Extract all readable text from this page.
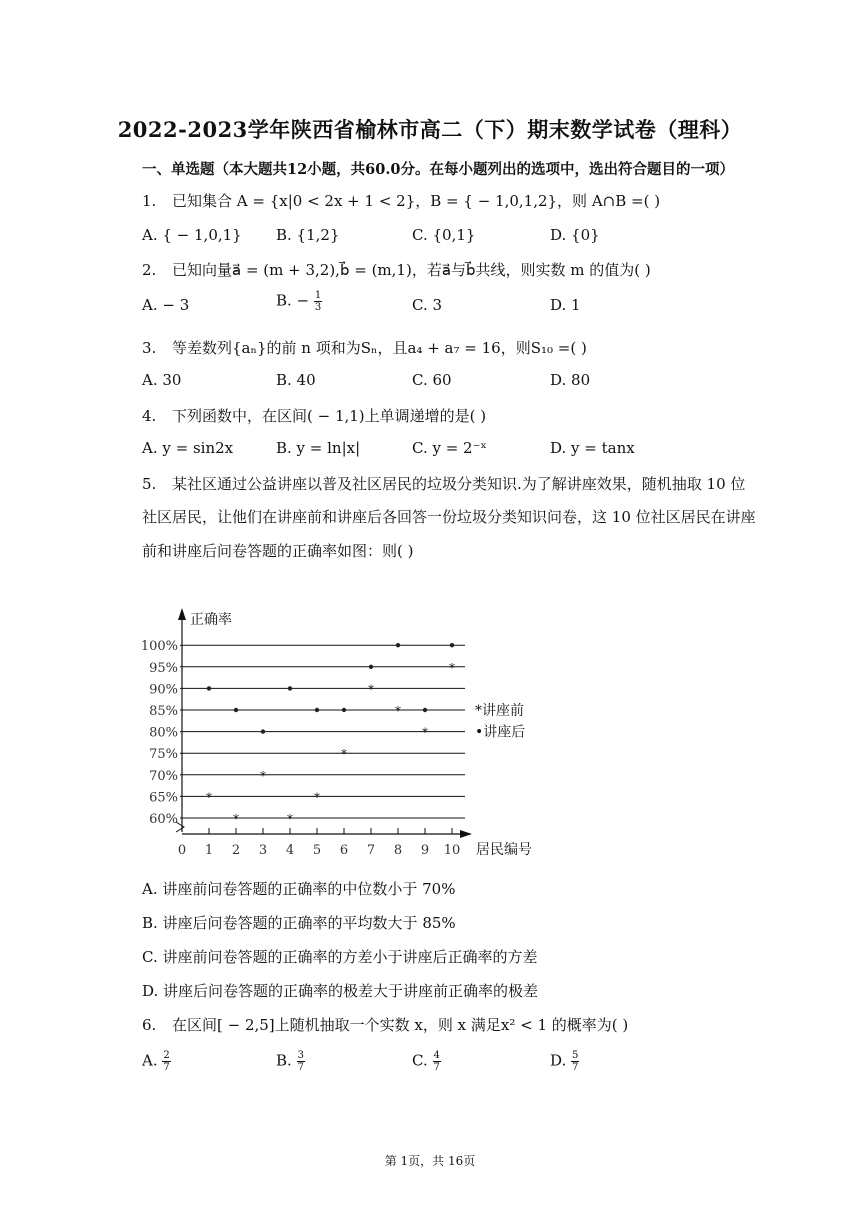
2022-2023学年陕西省榆林市高二（下）期末数学试卷（理科）
一、单选题（本大题共12小题，共60.0分。在每小题列出的选项中，选出符合题目的一项）
1. 已知集合 A = {x|0 < 2x + 1 < 2}，B = { − 1,0,1,2}，则 A∩B =( )
A. { − 1,0,1} B. {1,2}	C. {0,1}	D. {0}
2. 已知向量a⃗ = (m + 3,2),b⃗ = (m,1)，若a⃗与b⃗共线，则实数 m 的值为( )
A. − 3	B. − $\frac{1}{3}$	C. 3	D. 1
3. 等差数列{aₙ}的前 n 项和为Sₙ，且a₄ + a₇ = 16，则S₁₀ =( )
A. 30	B. 40	C. 60	D. 80
4. 下列函数中，在区间( − 1,1)上单调递增的是( )
A. y = sin2x	B. y = ln|x|	C. y = 2⁻ˣ	D. y = tanx
5. 某社区通过公益讲座以普及社区居民的垃圾分类知识.为了解讲座效果，随机抽取 10 位
社区居民，让他们在讲座前和讲座后各回答一份垃圾分类知识问卷，这 10 位社区居民在讲座
前和讲座后问卷答题的正确率如图：则( )
正确率
60%
65%
70%
75%
80%
85%
90%
95%
100%
0 1 2 3 4 5 6 7 8 9 10 居民编号
*
*
*
*
*
*
*
*
*
*
*讲座前
•讲座后
A. 讲座前问卷答题的正确率的中位数小于 70%
B. 讲座后问卷答题的正确率的平均数大于 85%
C. 讲座前问卷答题的正确率的方差小于讲座后正确率的方差
D. 讲座后问卷答题的正确率的极差大于讲座前正确率的极差
6. 在区间[ − 2,5]上随机抽取一个实数 x，则 x 满足x² < 1 的概率为( )
A. $\frac{2}{7}$	B. $\frac{3}{7}$	C. $\frac{4}{7}$	D. $\frac{5}{7}$
第 1页，共 16页
